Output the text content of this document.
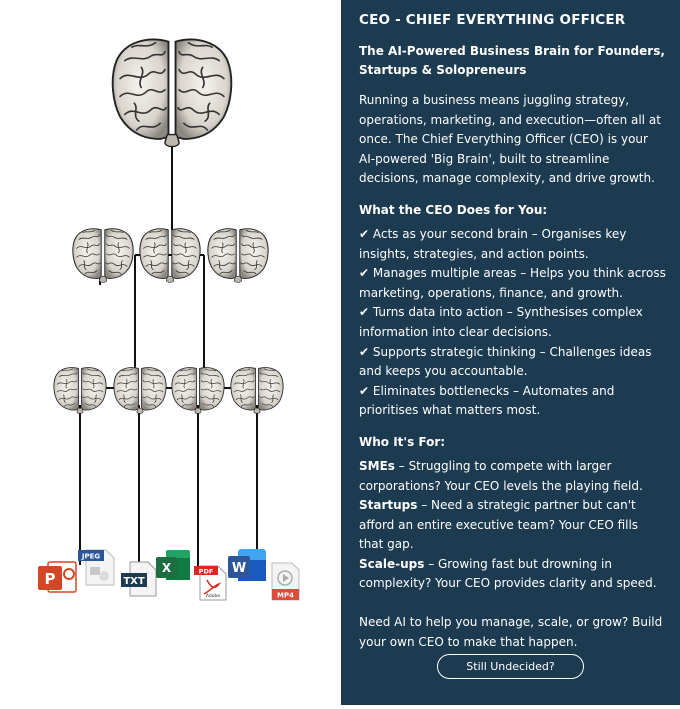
P
JPEG
TXT
X	PDF
Adobe
W
MP4
CEO - CHIEF EVERYTHING OFFICER
The AI-Powered Business Brain for Founders, Startups & Solopreneurs

Running a business means juggling strategy, operations, marketing, and execution—often all at once. The Chief Everything Officer (CEO) is your AI-powered 'Big Brain', built to streamline decisions, manage complexity, and drive growth.

What the CEO Does for You:

✔ Acts as your second brain – Organises key insights, strategies, and action points.

✔ Manages multiple areas – Helps you think across marketing, operations, finance, and growth.

✔ Turns data into action – Synthesises complex information into clear decisions.

✔ Supports strategic thinking – Challenges ideas and keeps you accountable.

✔ Eliminates bottlenecks – Automates and prioritises what matters most.

Who It's For:

SMEs – Struggling to compete with larger corporations? Your CEO levels the playing field.

Startups – Need a strategic partner but can't afford an entire executive team? Your CEO fills that gap.

Scale-ups – Growing fast but drowning in complexity? Your CEO provides clarity and speed.

Need AI to help you manage, scale, or grow? Build your own CEO to make that happen.

Still Undecided?
